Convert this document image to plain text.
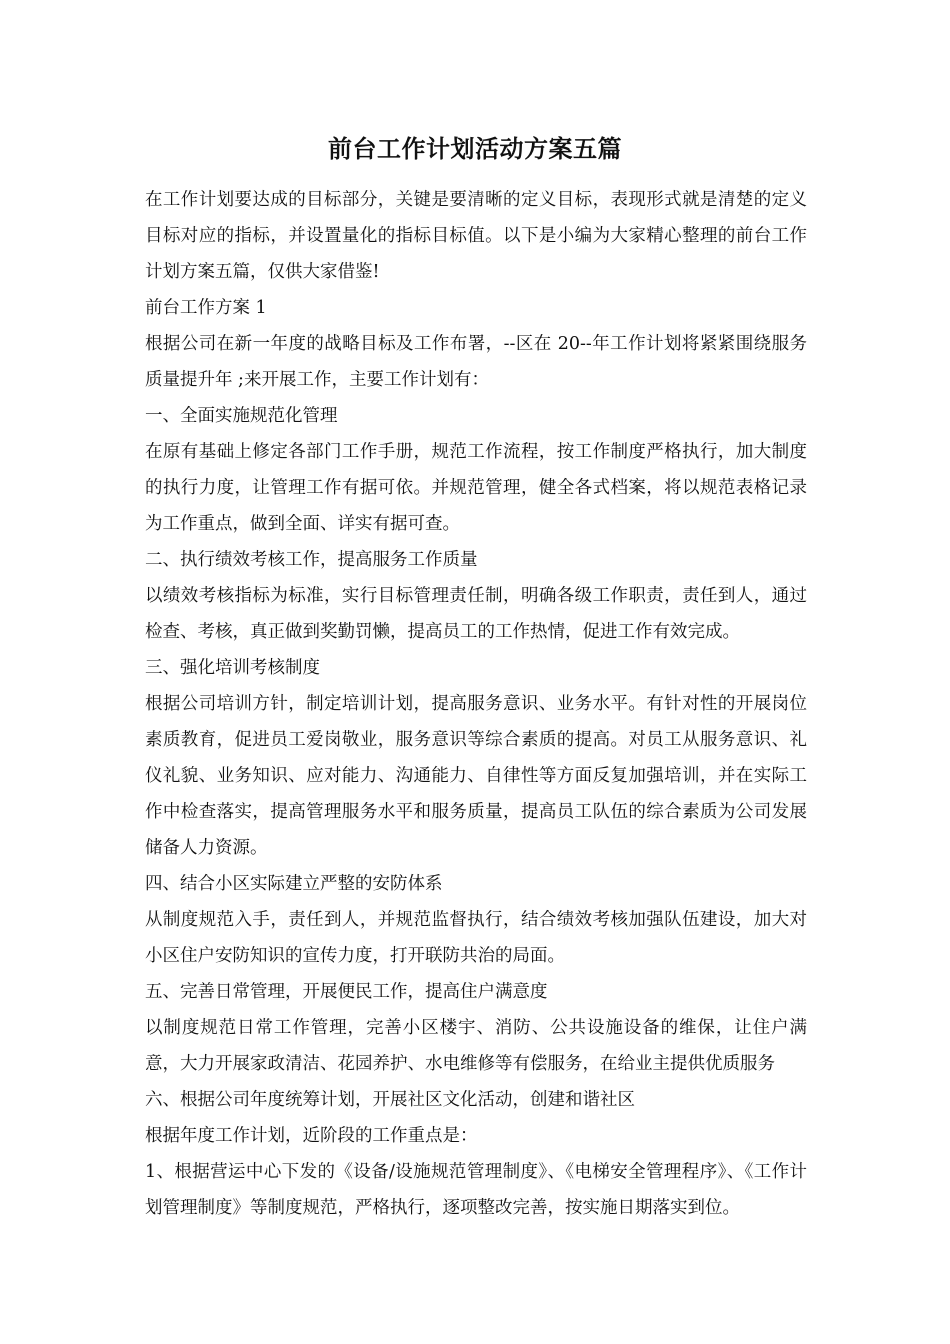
前台工作计划活动方案五篇

在工作计划要达成的目标部分，关键是要清晰的定义目标，表现形式就是清楚的定义目标对应的指标，并设置量化的指标目标值。以下是小编为大家精心整理的前台工作计划方案五篇，仅供大家借鉴!

前台工作方案 1

根据公司在新一年度的战略目标及工作布署，--区在 20--年工作计划将紧紧围绕服务质量提升年 ;来开展工作，主要工作计划有：

一、全面实施规范化管理

在原有基础上修定各部门工作手册，规范工作流程，按工作制度严格执行，加大制度的执行力度，让管理工作有据可依。并规范管理，健全各式档案，将以规范表格记录为工作重点，做到全面、详实有据可查。

二、执行绩效考核工作，提高服务工作质量

以绩效考核指标为标准，实行目标管理责任制，明确各级工作职责，责任到人，通过检查、考核，真正做到奖勤罚懒，提高员工的工作热情，促进工作有效完成。

三、强化培训考核制度

根据公司培训方针，制定培训计划，提高服务意识、业务水平。有针对性的开展岗位素质教育，促进员工爱岗敬业，服务意识等综合素质的提高。对员工从服务意识、礼仪礼貌、业务知识、应对能力、沟通能力、自律性等方面反复加强培训，并在实际工作中检查落实，提高管理服务水平和服务质量，提高员工队伍的综合素质为公司发展储备人力资源。

四、结合小区实际建立严整的安防体系

从制度规范入手，责任到人，并规范监督执行，结合绩效考核加强队伍建设，加大对小区住户安防知识的宣传力度，打开联防共治的局面。

五、完善日常管理，开展便民工作，提高住户满意度

以制度规范日常工作管理，完善小区楼宇、消防、公共设施设备的维保，让住户满意，大力开展家政清洁、花园养护、水电维修等有偿服务，在给业主提供优质服务

六、根据公司年度统筹计划，开展社区文化活动，创建和谐社区

根据年度工作计划，近阶段的工作重点是：

1、根据营运中心下发的《设备/设施规范管理制度》、《电梯安全管理程序》、《工作计划管理制度》等制度规范，严格执行，逐项整改完善，按实施日期落实到位。
